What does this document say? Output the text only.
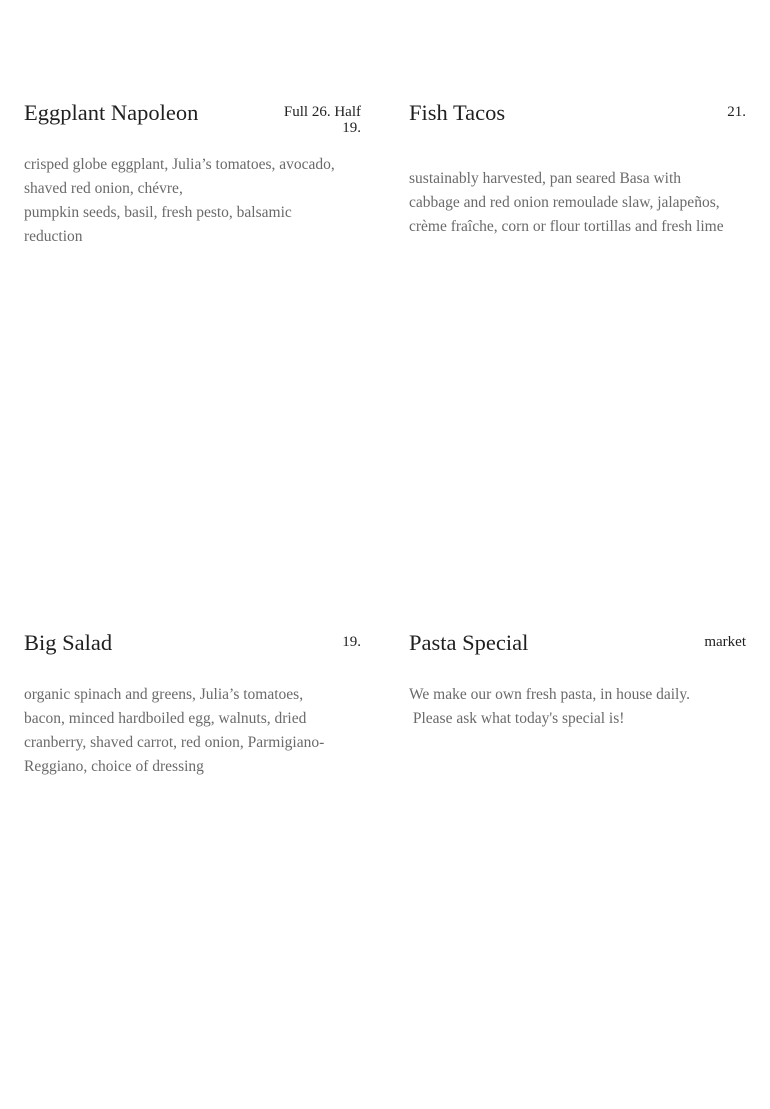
Eggplant Napoleon	Full 26. Half 19.
crisped globe eggplant, Julia’s tomatoes, avocado,
shaved red onion, chévre,
pumpkin seeds, basil, fresh pesto, balsamic
reduction
Fish Tacos	21.
sustainably harvested, pan seared Basa with
cabbage and red onion remoulade slaw, jalapeños,
crème fraîche, corn or flour tortillas and fresh lime
Big Salad	19.
organic spinach and greens, Julia’s tomatoes,
bacon, minced hardboiled egg, walnuts, dried
cranberry, shaved carrot, red onion, Parmigiano-
Reggiano, choice of dressing
Pasta Special	market
We make our own fresh pasta, in house daily.
Please ask what today's special is!
